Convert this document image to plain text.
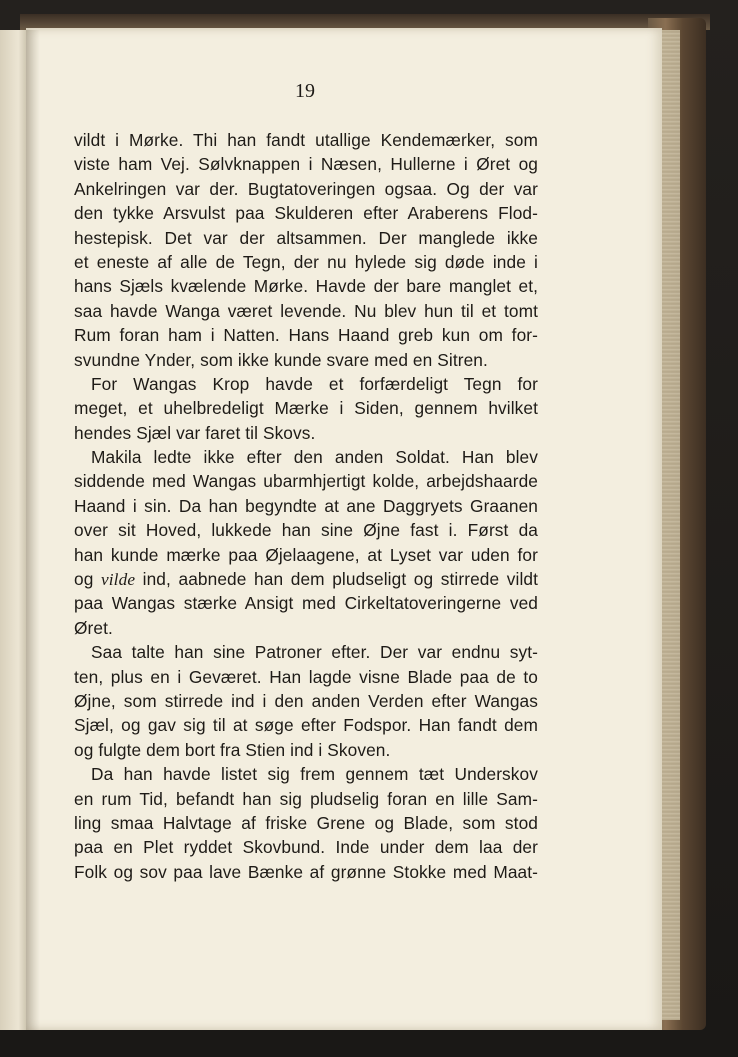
19
vildt i Mørke. Thi han fandt utallige Kendemærker, som
viste ham Vej. Sølvknappen i Næsen, Hullerne i Øret og
Ankelringen var der. Bugtatoveringen ogsaa. Og der var
den tykke Arsvulst paa Skulderen efter Araberens Flod-
hestepisk. Det var der altsammen. Der manglede ikke
et eneste af alle de Tegn, der nu hylede sig døde inde i
hans Sjæls kvælende Mørke. Havde der bare manglet et,
saa havde Wanga været levende. Nu blev hun til et tomt
Rum foran ham i Natten. Hans Haand greb kun om for-
svundne Ynder, som ikke kunde svare med en Sitren.
For Wangas Krop havde et forfærdeligt Tegn for
meget, et uhelbredeligt Mærke i Siden, gennem hvilket
hendes Sjæl var faret til Skovs.
Makila ledte ikke efter den anden Soldat. Han blev
siddende med Wangas ubarmhjertigt kolde, arbejdshaarde
Haand i sin. Da han begyndte at ane Daggryets Graanen
over sit Hoved, lukkede han sine Øjne fast i. Først da
han kunde mærke paa Øjelaagene, at Lyset var uden for
og vilde ind, aabnede han dem pludseligt og stirrede vildt
paa Wangas stærke Ansigt med Cirkeltatoveringerne ved
Øret.
Saa talte han sine Patroner efter. Der var endnu syt-
ten, plus en i Geværet. Han lagde visne Blade paa de to
Øjne, som stirrede ind i den anden Verden efter Wangas
Sjæl, og gav sig til at søge efter Fodspor. Han fandt dem
og fulgte dem bort fra Stien ind i Skoven.
Da han havde listet sig frem gennem tæt Underskov
en rum Tid, befandt han sig pludselig foran en lille Sam-
ling smaa Halvtage af friske Grene og Blade, som stod
paa en Plet ryddet Skovbund. Inde under dem laa der
Folk og sov paa lave Bænke af grønne Stokke med Maat-
